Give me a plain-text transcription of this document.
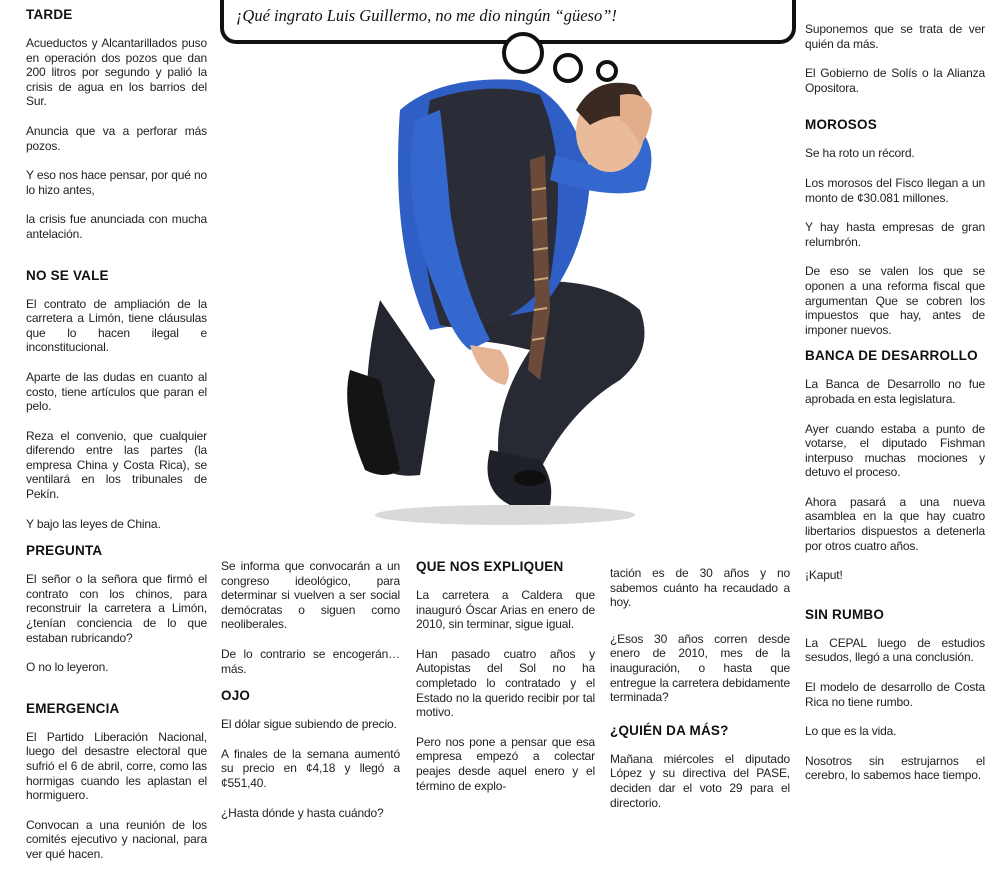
TARDE

Acueductos y Alcantarillados puso en operación dos pozos que dan 200 litros por segundo y palió la crisis de agua en los barrios del Sur.

Anuncia que va a perforar más pozos.

Y eso nos hace pensar, por qué no lo hizo antes,

la crisis fue anunciada con mucha antelación.

NO SE VALE

El contrato de ampliación de la carretera a Limón, tiene cláusulas que lo hacen ilegal e inconstitucional.

Aparte de las dudas en cuanto al costo, tiene artículos que paran el pelo.

Reza el convenio, que cualquier diferendo entre las partes (la empresa China y Costa Rica), se ventilará en los tribunales de Pekín.

Y bajo las leyes de China.

PREGUNTA

El señor o la señora que firmó el contrato con los chinos, para reconstruir la carretera a Limón, ¿tenían conciencia de lo que estaban rubricando?

O no lo leyeron.

EMERGENCIA

El Partido Liberación Nacional, luego del desastre electoral que sufrió el 6 de abril, corre, como las hormigas cuando les aplastan el hormiguero.

Convocan a una reunión de los comités ejecutivo y nacional, para ver qué hacen.

¡Qué ingrato Luis Guillermo, no me dio ningún “güeso”!

Se informa que convocarán a un congreso ideológico, para determinar si vuelven a ser social demócratas o siguen como neoliberales.

De lo contrario se encogerán…más.

OJO

El dólar sigue subiendo de precio.

A finales de la semana aumentó su precio en ¢4,18 y llegó a ¢551,40.

¿Hasta dónde y hasta cuándo?

QUE NOS EXPLIQUEN

La carretera a Caldera que inauguró Óscar Arias en enero de 2010, sin terminar, sigue igual.

Han pasado cuatro años y Autopistas del Sol no ha completado lo contratado y el Estado no la querido recibir por tal motivo.

Pero nos pone a pensar que esa empresa empezó a colectar peajes desde aquel enero y el término de explo-

tación es de 30 años y no sabemos cuánto ha recaudado a hoy.

¿Esos 30 años corren desde enero de 2010, mes de la inauguración, o hasta que entregue la carretera debidamente terminada?

¿QUIÉN DA MÁS?

Mañana miércoles el diputado López y su directiva del PASE, deciden dar el voto 29 para el directorio.

Suponemos que se trata de ver quién da más.

El Gobierno de Solís o la Alianza Opositora.

MOROSOS

Se ha roto un récord.

Los morosos del Fisco llegan a un monto de ¢30.081 millones.

Y hay hasta empresas de gran relumbrón.

De eso se valen los que se oponen a una reforma fiscal que argumentan Que se cobren los impuestos que hay, antes de imponer nuevos.

BANCA DE DESARROLLO

La Banca de Desarrollo no fue aprobada en esta legislatura.

Ayer cuando estaba a punto de votarse, el diputado Fishman interpuso muchas mociones y detuvo el proceso.

Ahora pasará a una nueva asamblea en la que hay cuatro libertarios dispuestos a detenerla por otros cuatro años.

¡Kaput!

SIN RUMBO

La CEPAL luego de estudios sesudos, llegó a una conclusión.

El modelo de desarrollo de Costa Rica no tiene rumbo.

Lo que es la vida.

Nosotros sin estrujarnos el cerebro, lo sabemos hace tiempo.
